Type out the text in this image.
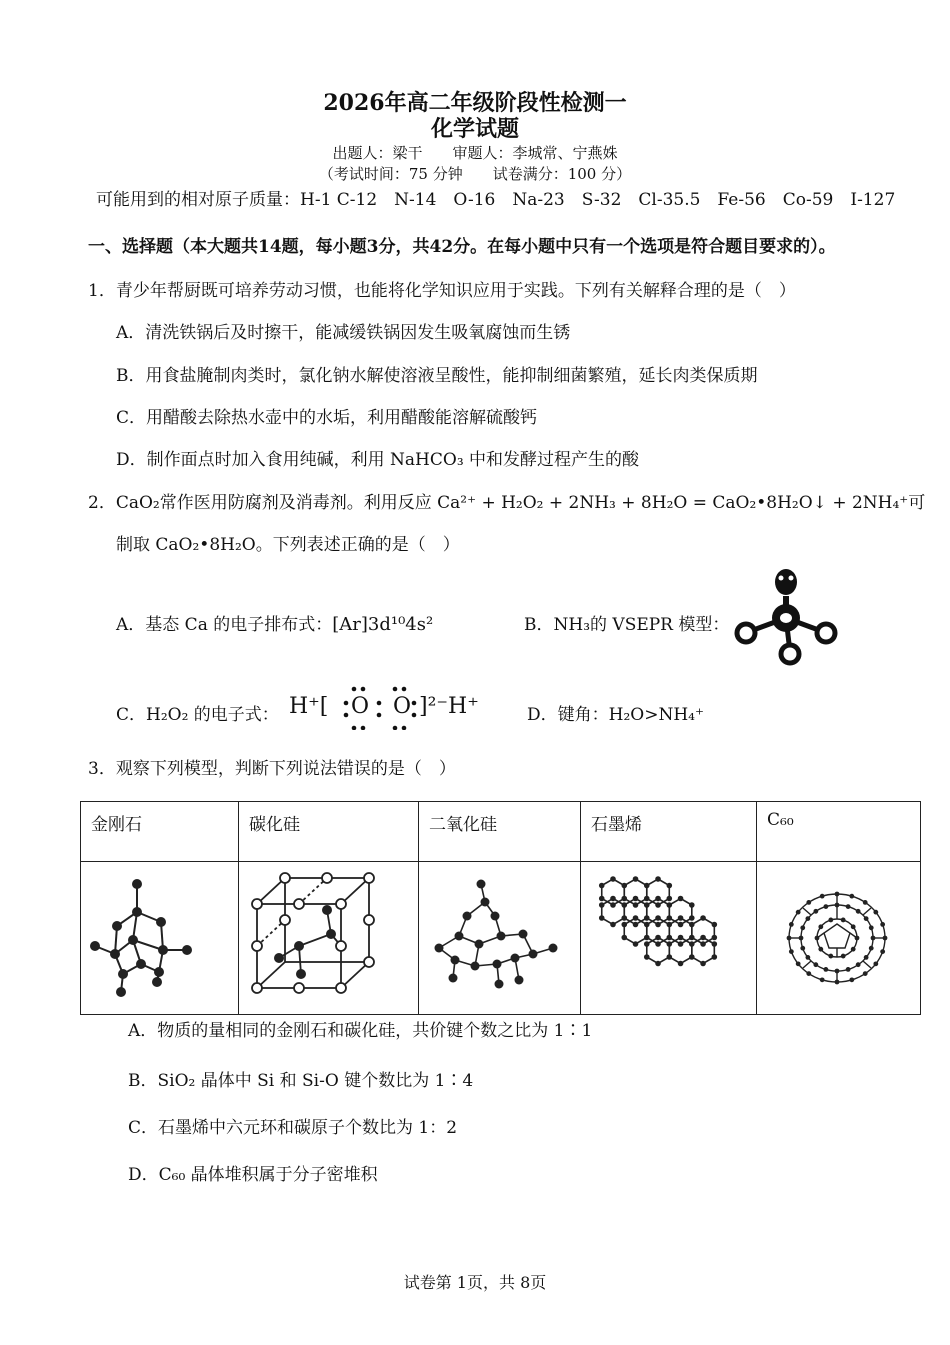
2026年高二年级阶段性检测一
化学试题
出题人：梁干　　审题人：李城常、宁燕姝
（考试时间：75 分钟　　试卷满分：100 分）
可能用到的相对原子质量：H-1 C-12　N-14　O-16　Na-23　S-32　Cl-35.5　Fe-56　Co-59　I-127
一、选择题（本大题共14题，每小题3分，共42分。在每小题中只有一个选项是符合题目要求的）。
1．青少年帮厨既可培养劳动习惯，也能将化学知识应用于实践。下列有关解释合理的是（　）
A．清洗铁锅后及时擦干，能减缓铁锅因发生吸氧腐蚀而生锈
B．用食盐腌制肉类时，氯化钠水解使溶液呈酸性，能抑制细菌繁殖，延长肉类保质期
C．用醋酸去除热水壶中的水垢，利用醋酸能溶解硫酸钙
D．制作面点时加入食用纯碱，利用 NaHCO₃ 中和发酵过程产生的酸
2．CaO₂常作医用防腐剂及消毒剂。利用反应 Ca²⁺ + H₂O₂ + 2NH₃ + 8H₂O = CaO₂•8H₂O↓ + 2NH₄⁺可
制取 CaO₂•8H₂O。下列表述正确的是（　）
A．基态 Ca 的电子排布式：[Ar]3d¹⁰4s²	B．NH₃的 VSEPR 模型：
C．H₂O₂ 的电子式： H⁺[ O O ]²⁻H⁺	D．键角：H₂O>NH₄⁺
3．观察下列模型，判断下列说法错误的是（　）
金刚石	碳化硅	二氧化硅	石墨烯	C₆₀

A．物质的量相同的金刚石和碳化硅，共价键个数之比为 1∶1
B．SiO₂ 晶体中 Si 和 Si-O 键个数比为 1∶4
C．石墨烯中六元环和碳原子个数比为 1：2
D．C₆₀ 晶体堆积属于分子密堆积
试卷第 1页，共 8页
